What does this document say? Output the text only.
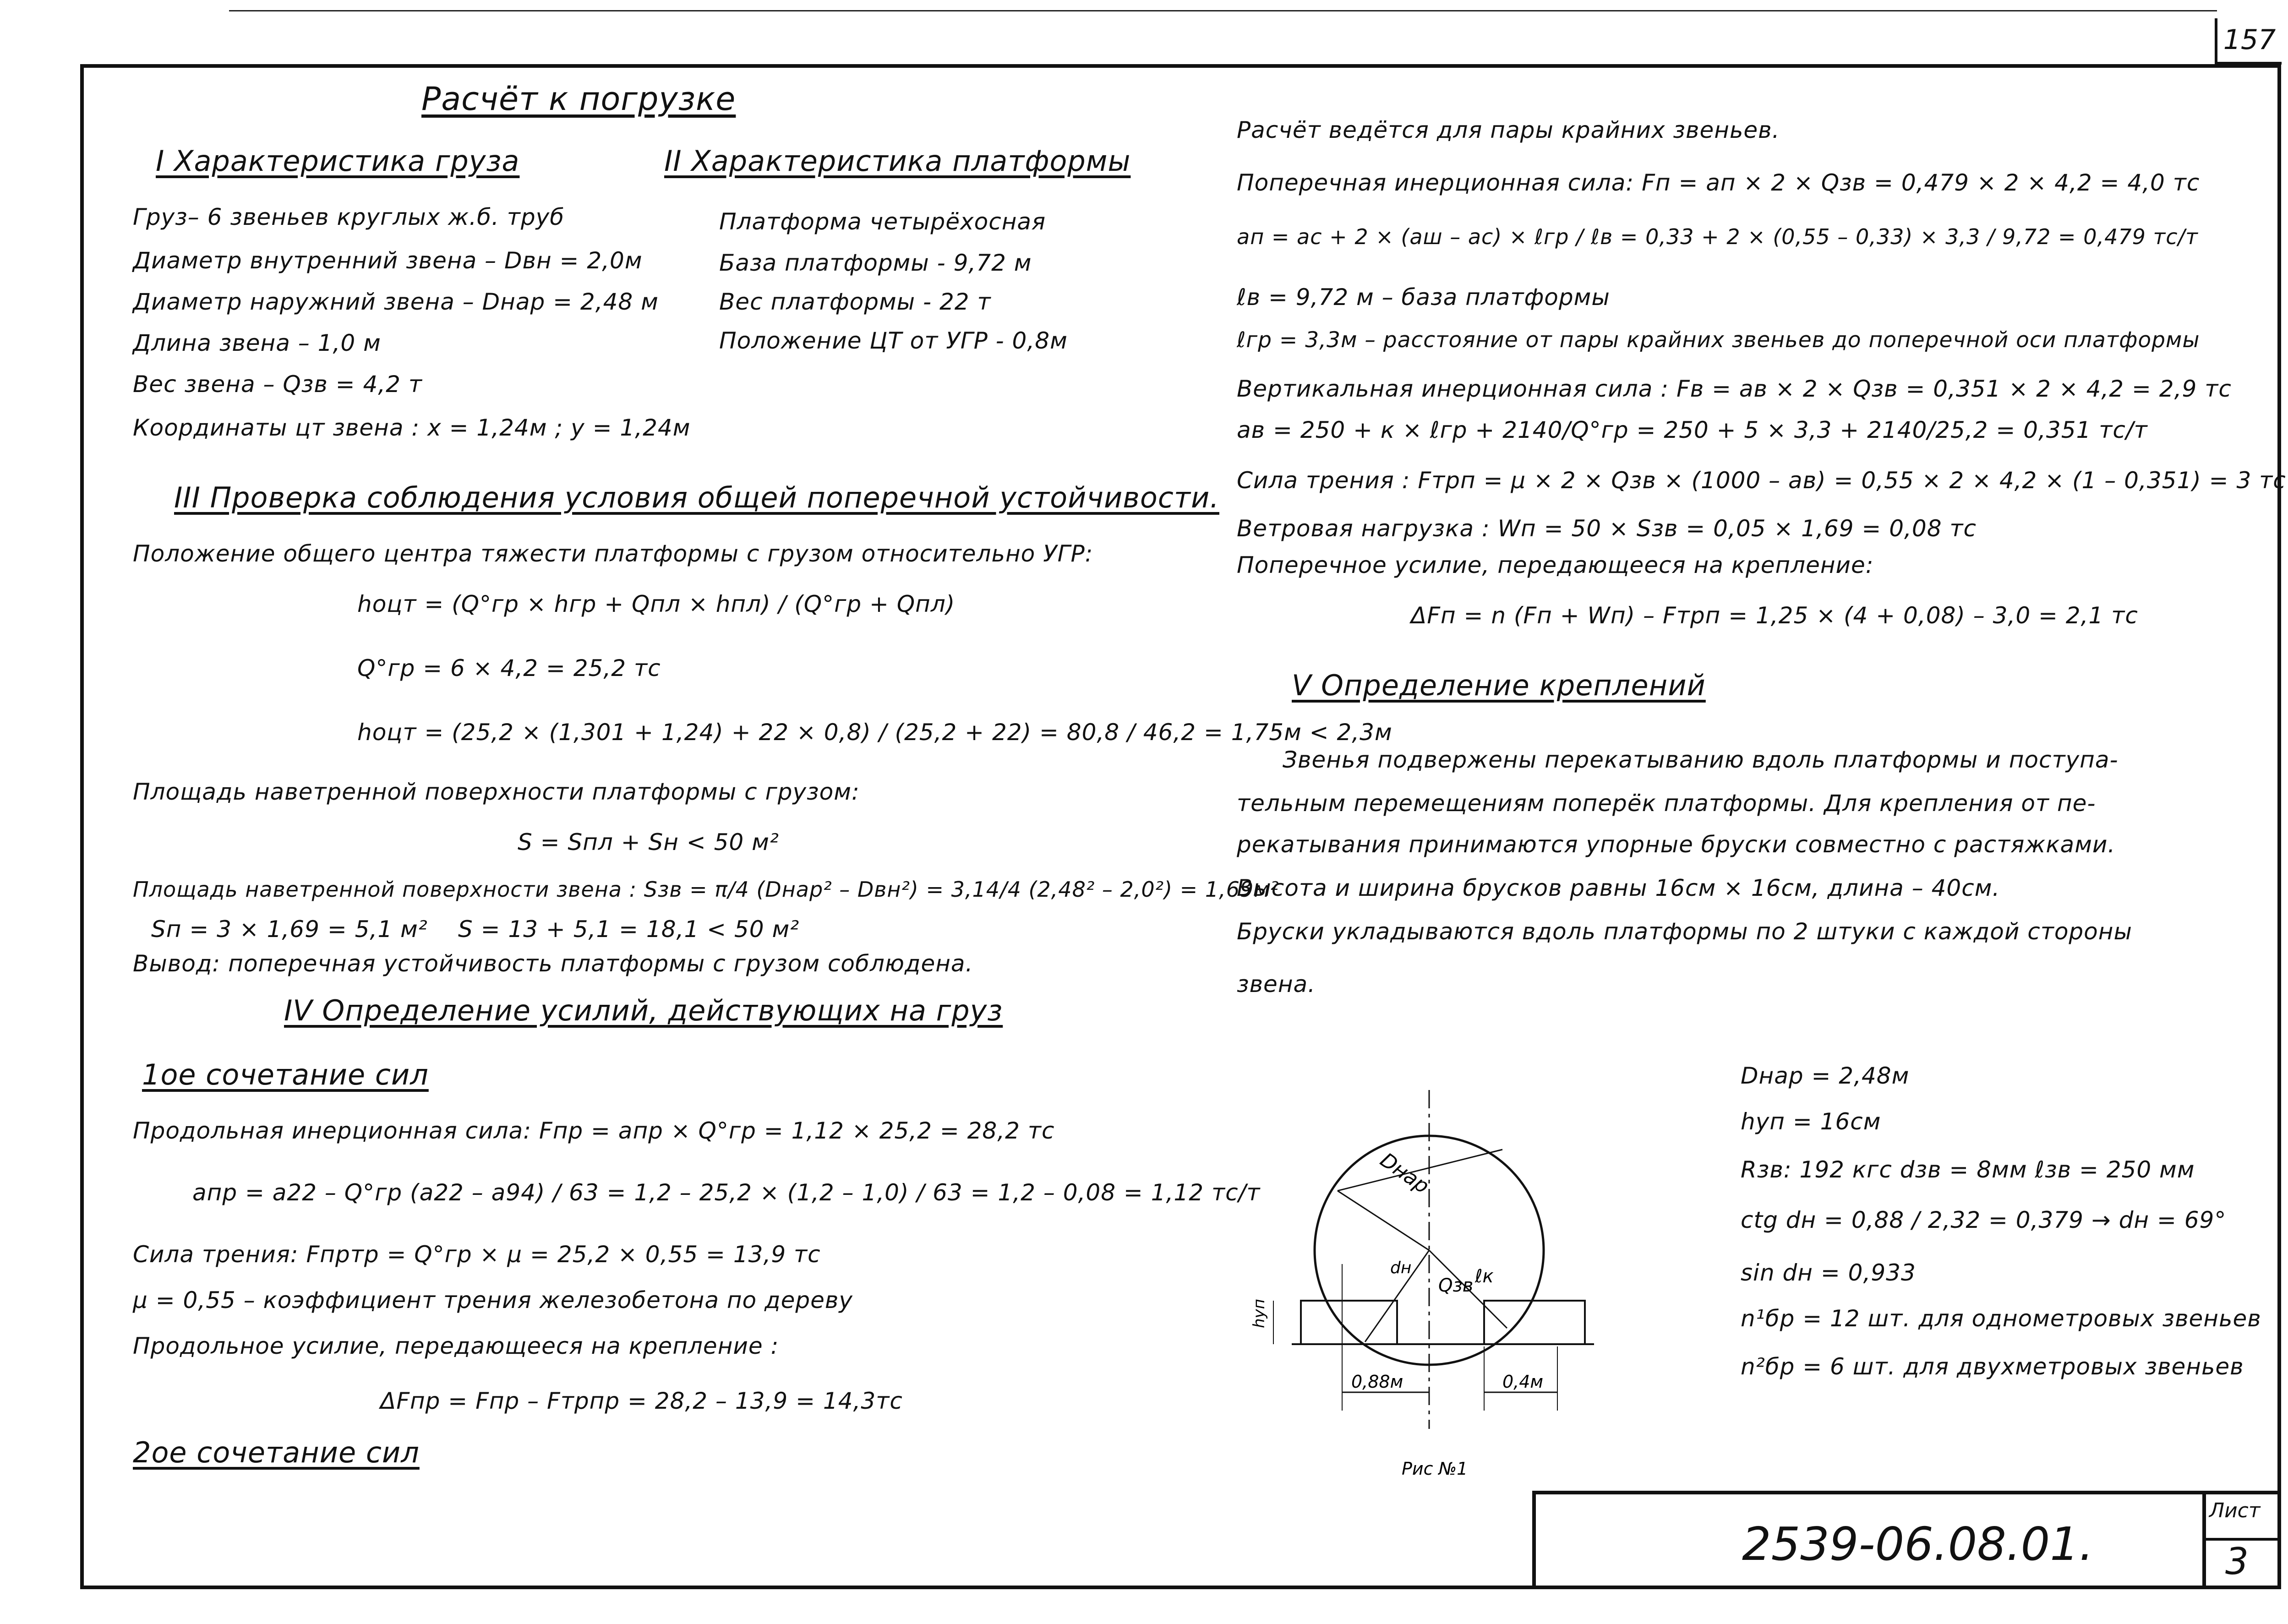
157
Расчёт к погрузке
I Характеристика груза
Груз– 6 звеньев круглых ж.б. труб
Диаметр внутренний звена – Dвн = 2,0м
Диаметр наружний звена – Dнар = 2,48 м
Длина звена – 1,0 м
Вес звена – Qзв = 4,2 т
Координаты цт звена : x = 1,24м ; y = 1,24м
II Характеристика платформы
Платформа четырёхосная
База платформы - 9,72 м
Вес платформы - 22 т
Положение ЦТ от УГР - 0,8м
III Проверка соблюдения условия общей поперечной устойчивости.
Положение общего центра тяжести платформы с грузом относительно УГР:
hоцт = (Q°гр × hгр + Qпл × hпл) / (Q°гр + Qпл)
Q°гр = 6 × 4,2 = 25,2 тс
hоцт = (25,2 × (1,301 + 1,24) + 22 × 0,8) / (25,2 + 22) = 80,8 / 46,2 = 1,75м < 2,3м
Площадь наветренной поверхности платформы с грузом:
S = Sпл + Sн < 50 м²
Площадь наветренной поверхности звена : Sзв = π/4 (Dнар² – Dвн²) = 3,14/4 (2,48² – 2,0²) = 1,69м²
Sп = 3 × 1,69 = 5,1 м² S = 13 + 5,1 = 18,1 < 50 м²
Вывод: поперечная устойчивость платформы с грузом соблюдена.
IV Определение усилий, действующих на груз
1ое сочетание сил
Продольная инерционная сила: Fпр = aпр × Q°гр = 1,12 × 25,2 = 28,2 тс
aпр = a22 – Q°гр (a22 – a94) / 63 = 1,2 – 25,2 × (1,2 – 1,0) / 63 = 1,2 – 0,08 = 1,12 тс/т
Сила трения: Fпртр = Q°гр × μ = 25,2 × 0,55 = 13,9 тс
μ = 0,55 – коэффициент трения железобетона по дереву
Продольное усилие, передающееся на крепление :
ΔFпр = Fпр – Fтрпр = 28,2 – 13,9 = 14,3тс
2ое сочетание сил
Расчёт ведётся для пары крайних звеньев.
Поперечная инерционная сила: Fп = aп × 2 × Qзв = 0,479 × 2 × 4,2 = 4,0 тс
aп = aс + 2 × (aш – aс) × ℓгр / ℓв = 0,33 + 2 × (0,55 – 0,33) × 3,3 / 9,72 = 0,479 тс/т
ℓв = 9,72 м – база платформы
ℓгр = 3,3м – расстояние от пары крайних звеньев до поперечной оси платформы
Вертикальная инерционная сила : Fв = aв × 2 × Qзв = 0,351 × 2 × 4,2 = 2,9 тс
aв = 250 + к × ℓгр + 2140/Q°гр = 250 + 5 × 3,3 + 2140/25,2 = 0,351 тс/т
Сила трения : Fтрп = μ × 2 × Qзв × (1000 – aв) = 0,55 × 2 × 4,2 × (1 – 0,351) = 3 тс
Ветровая нагрузка : Wп = 50 × Sзв = 0,05 × 1,69 = 0,08 тс
Поперечное усилие, передающееся на крепление:
ΔFп = n (Fп + Wп) – Fтрп = 1,25 × (4 + 0,08) – 3,0 = 2,1 тс
V Определение креплений
Звенья подвержены перекатыванию вдоль платформы и поступа-
тельным перемещениям поперёк платформы. Для крепления от пе-
рекатывания принимаются упорные бруски совместно с растяжками.
Высота и ширина брусков равны 16см × 16см, длина – 40см.
Бруски укладываются вдоль платформы по 2 штуки с каждой стороны
звена.
Dнар
Qзв ℓк
dн
hуп
0,88м	0,4м
Рис №1
Dнар = 2,48м
hуп = 16см
Rзв: 192 кгс dзв = 8мм ℓзв = 250 мм
ctg dн = 0,88 / 2,32 = 0,379 → dн = 69°
sin dн = 0,933
n¹бр = 12 шт. для однометровых звеньев
n²бр = 6 шт. для двухметровых звеньев
2539-06.08.01.
Лист
3
